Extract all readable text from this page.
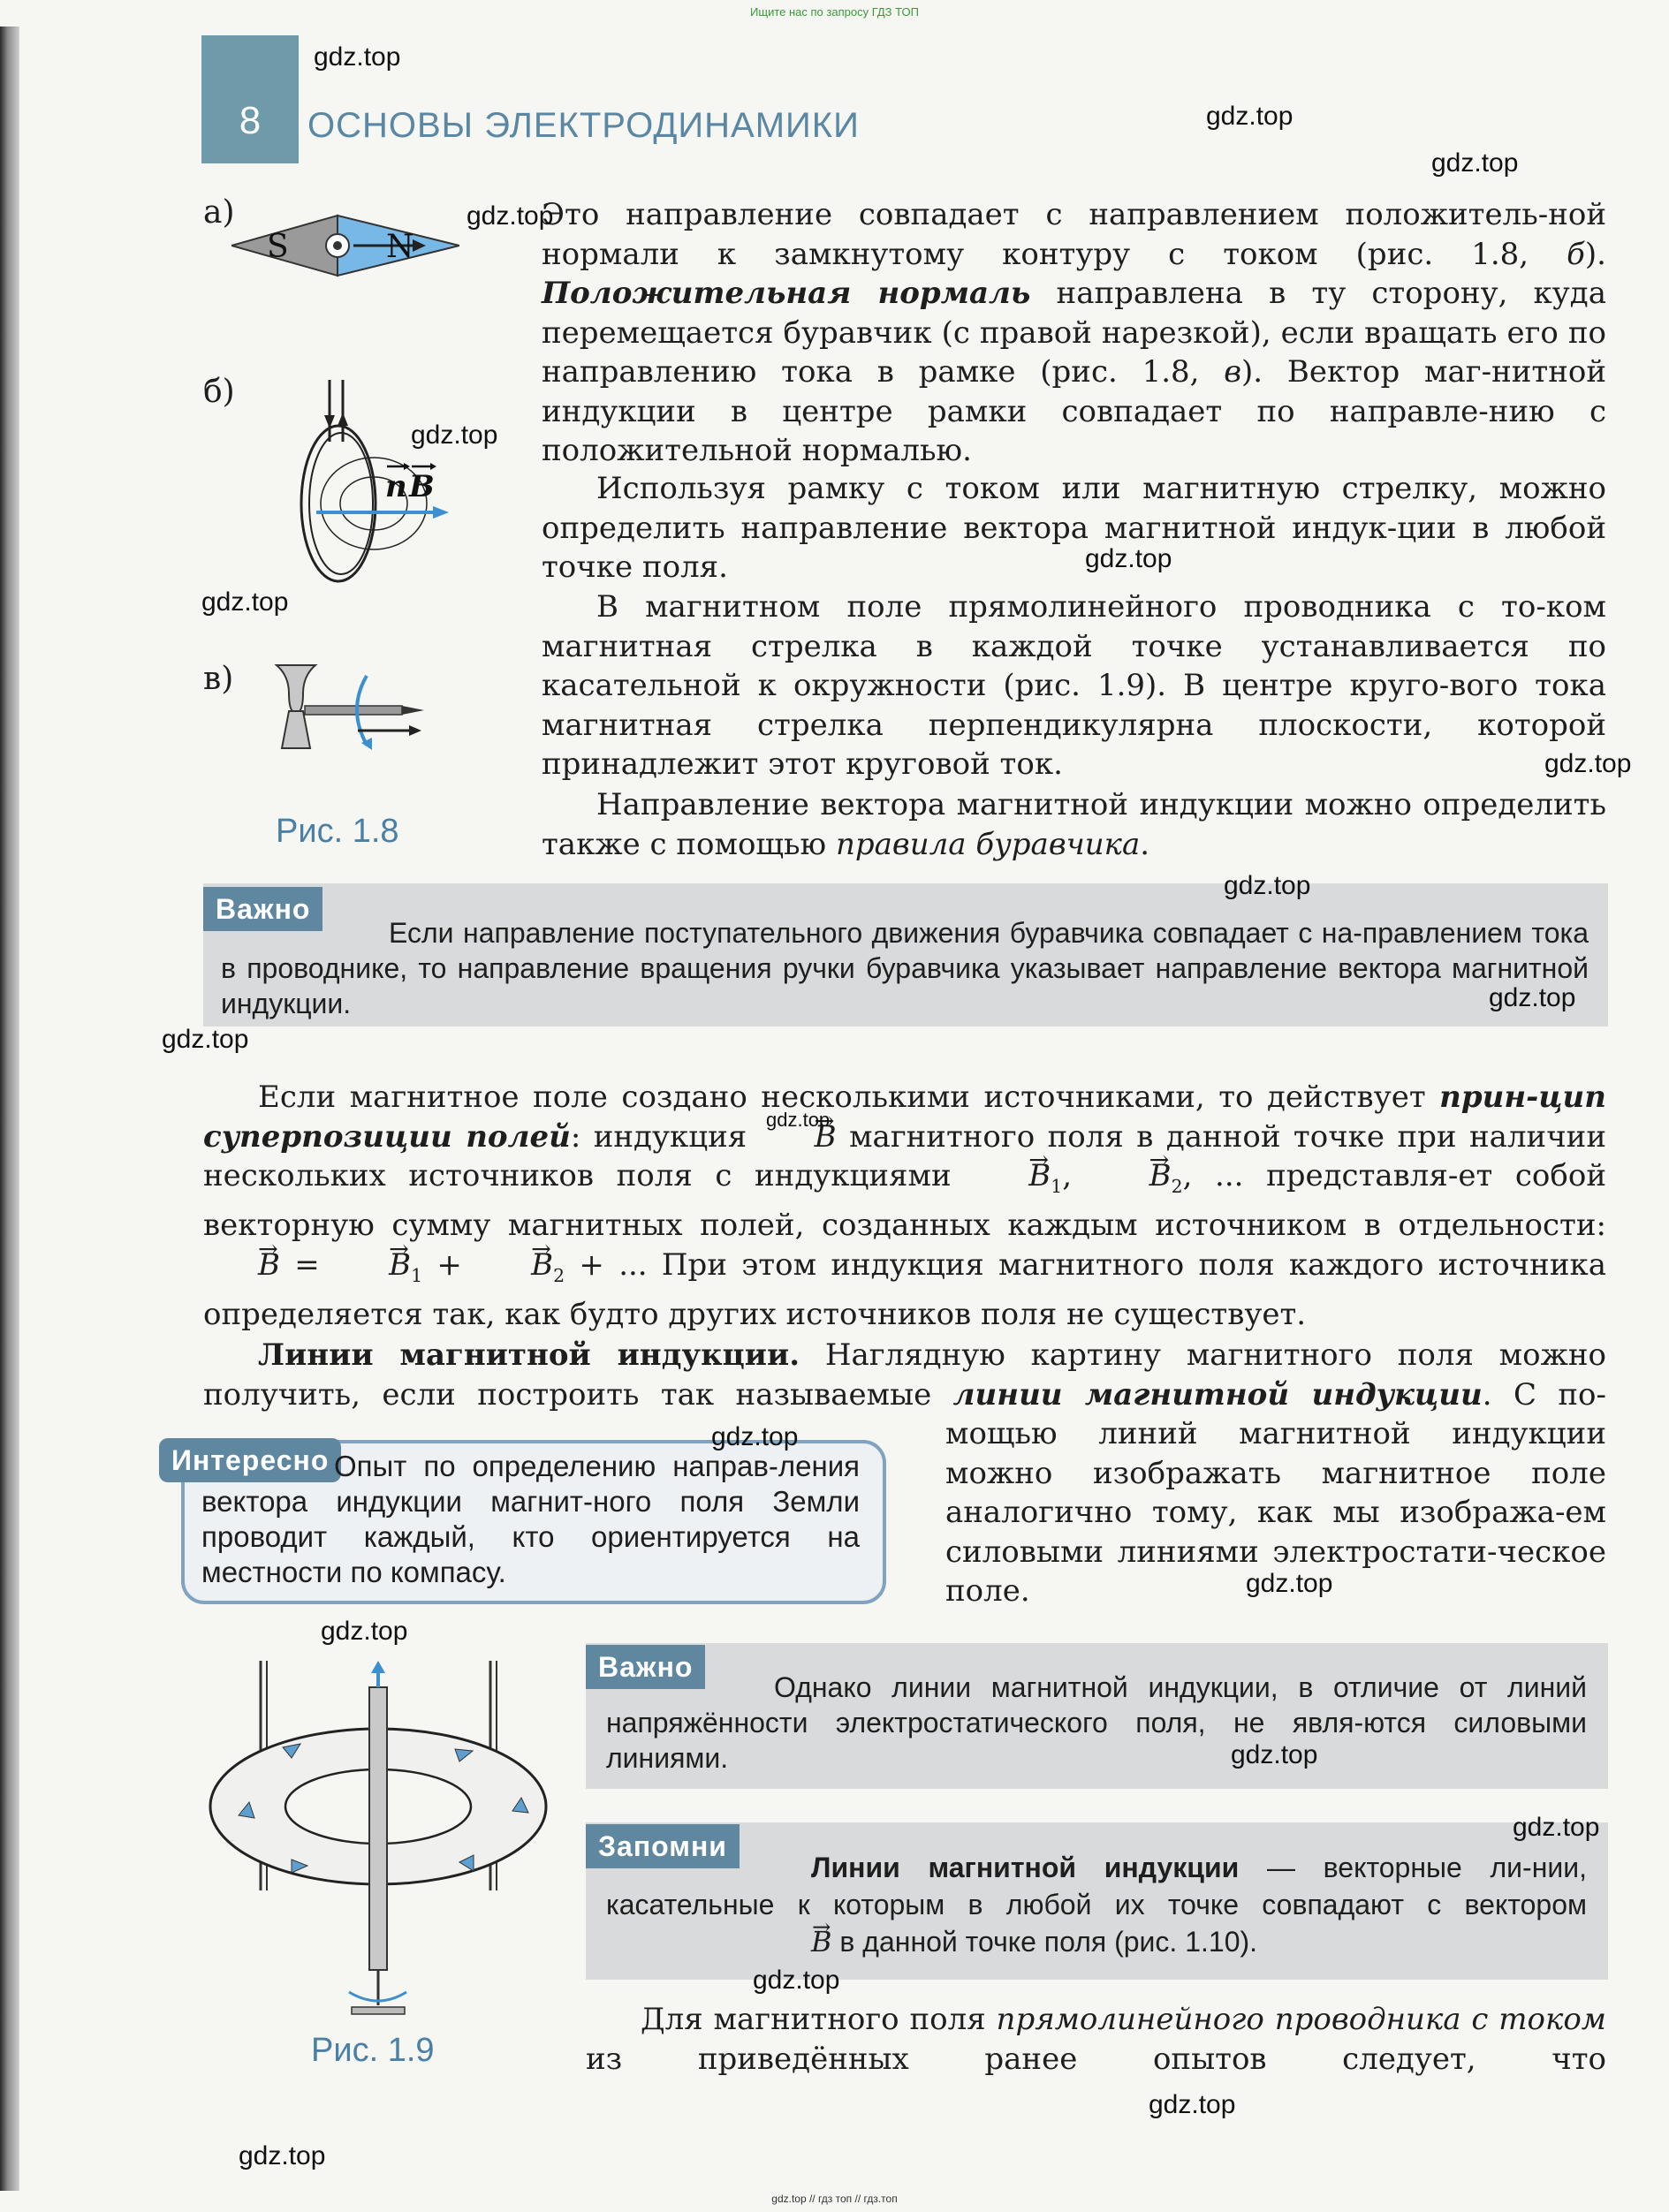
Ищите нас по запросу ГДЗ ТОП
8	ОСНОВЫ ЭЛЕКТРОДИНАМИКИ
а)
S	N
б)
n B
в)
Рис. 1.8

Это направление совпадает с направлением положитель-ной нормали к замкнутому контуру с током (рис. 1.8, б). Положительная нормаль направлена в ту сторону, куда перемещается буравчик (с правой нарезкой), если вращать его по направлению тока в рамке (рис. 1.8, в). Вектор маг-нитной индукции в центре рамки совпадает по направле-нию с положительной нормалью.

Используя рамку с током или магнитную стрелку, можно определить направление вектора магнитной индук-ции в любой точке поля.

В магнитном поле прямолинейного проводника с то-ком магнитная стрелка в каждой точке устанавливается по касательной к окружности (рис. 1.9). В центре круго-вого тока магнитная стрелка перпендикулярна плоскости, которой принадлежит этот круговой ток.

Направление вектора магнитной индукции можно определить также с помощью правила буравчика.

Важно
Если направление поступательного движения буравчика совпадает с на-правлением тока в проводнике, то направление вращения ручки буравчика указывает направление вектора магнитной индукции.

Если магнитное поле создано несколькими источниками, то действует прин-цип суперпозиции полей: индукция → B магнитного поля в данной точке при наличии нескольких источников поля с индукциями → $B_1$, → $B_2$, ... представля-ет собой векторную сумму магнитных полей, созданных каждым источником в отдельности: → B = → $B_1$ + → $B_2$ + ... При этом индукция магнитного поля каждого источника определяется так, как будто других источников поля не существует.

Линии магнитной индукции. Наглядную картину магнитного поля можно получить, если построить так называемые линии магнитной индукции. С по-

мощью линий магнитной индукции можно изображать магнитное поле аналогично тому, как мы изобража-ем силовыми линиями электростати-ческое поле.

Интересно Опыт по определению направ-ления вектора индукции магнит-ного поля Земли проводит каждый, кто ориентируется на местности по компасу.
Рис. 1.9
Важно
Однако линии магнитной индукции, в отличие от линий напряжённости электростатического поля, не явля-ются силовыми линиями.
Запомни
Линии магнитной индукции — векторные ли-нии, касательные к которым в любой их точке совпадают с вектором → B в данной точке поля (рис. 1.10).

Для магнитного поля прямолинейного проводника с током из приведённых ранее опытов следует, что

gdz.top
gdz.top
gdz.top
gdz.top
gdz.top
gdz.top
gdz.top
gdz.top
gdz.top
gdz.top
gdz.top
gdz.top
gdz.top
gdz.top
gdz.top
gdz.top
gdz.top
gdz.top
gdz.top
gdz.top
gdz.top // гдз топ // гдз.топ
